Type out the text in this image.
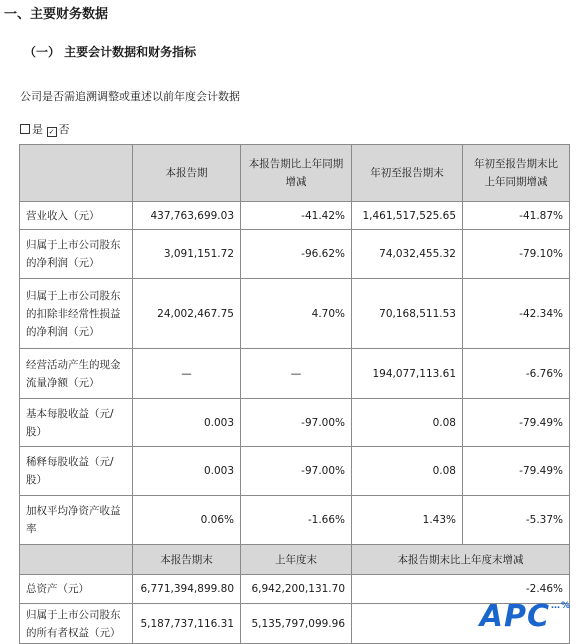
一、主要财务数据
（一） 主要会计数据和财务指标
公司是否需追溯调整或重述以前年度会计数据
是 ✓ 否
	本报告期	本报告期比上年同期增减	年初至报告期末	年初至报告期末比上年同期增减
营业收入（元）	437,763,699.03	-41.42%	1,461,517,525.65	-41.87%
归属于上市公司股东的净利润（元）	3,091,151.72	-96.62%	74,032,455.32	-79.10%
归属于上市公司股东的扣除非经常性损益的净利润（元）	24,002,467.75	4.70%	70,168,511.53	-42.34%
经营活动产生的现金流量净额（元）	—	—	194,077,113.61	-6.76%
基本每股收益（元/股）	0.003	-97.00%	0.08	-79.49%
稀释每股收益（元/股）	0.003	-97.00%	0.08	-79.49%
加权平均净资产收益率	0.06%	-1.66%	1.43%	-5.37%
	本报告期末	上年度末	本报告期末比上年度末增减	
总资产（元）	6,771,394,899.80	6,942,200,131.70	-2.46%	
归属于上市公司股东的所有者权益（元）	5,187,737,116.31	5,135,797,099.96			APC…%
